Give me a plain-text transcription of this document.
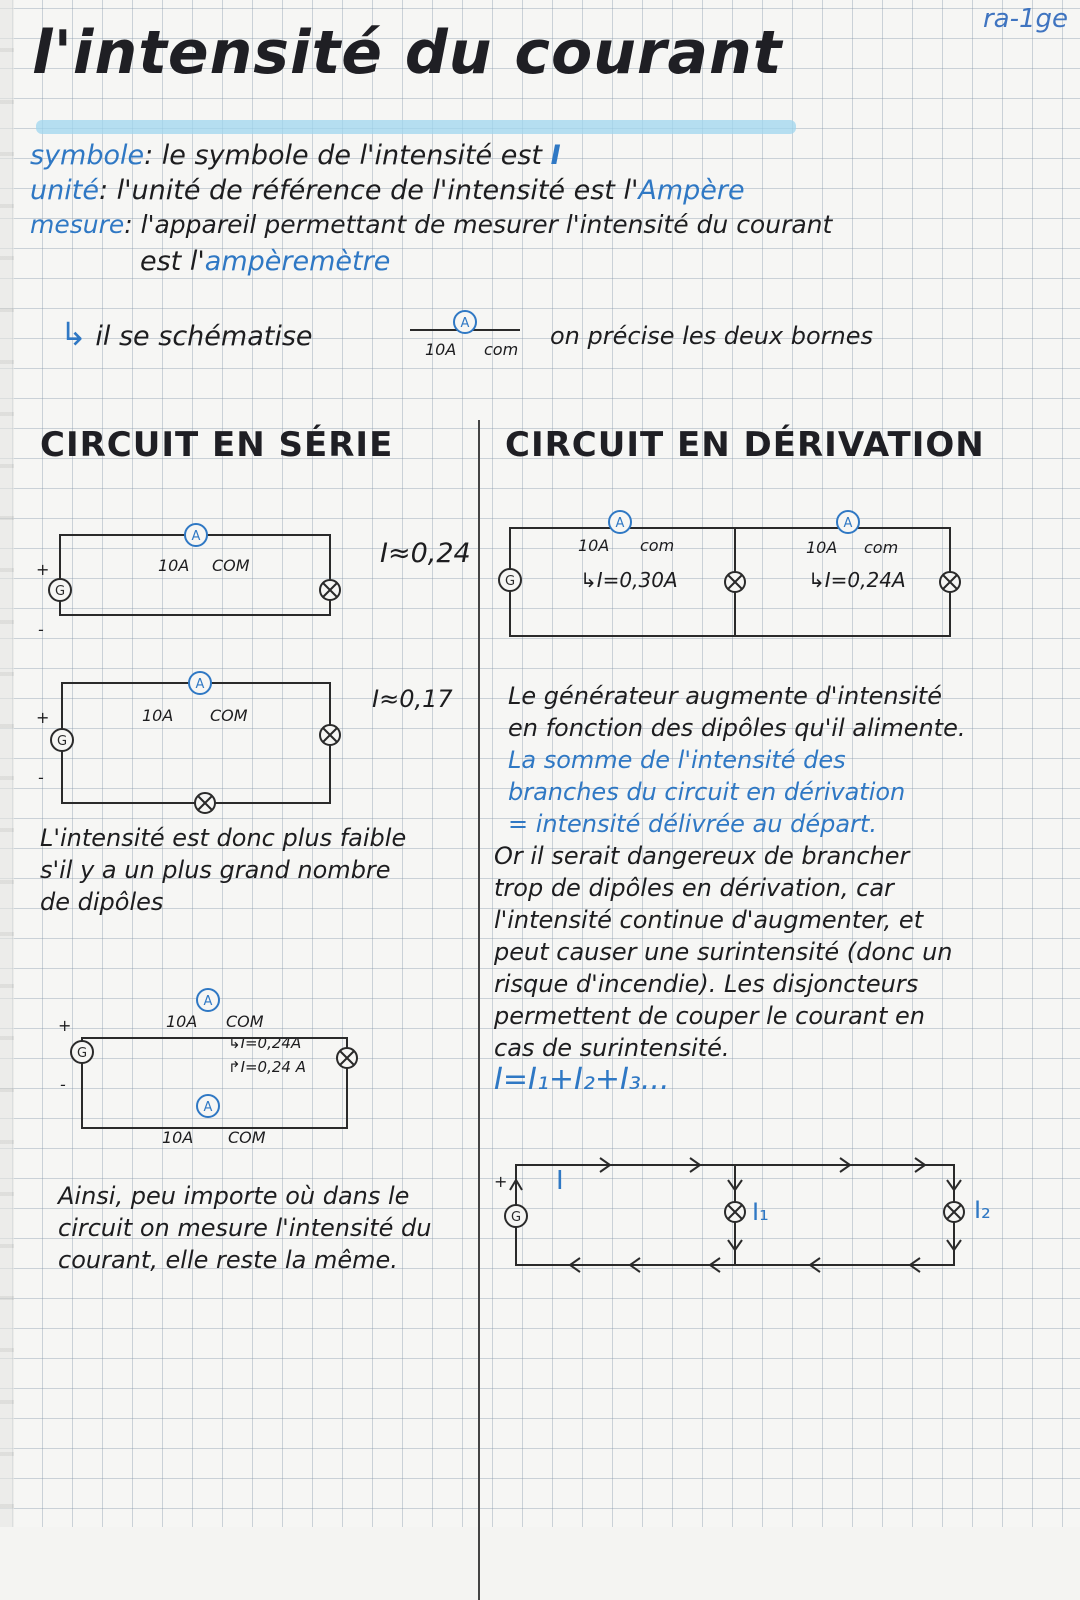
ra-1ge
l'intensité du courant
symbole: le symbole de l'intensité est I
unité: l'unité de référence de l'intensité est l'Ampère
mesure: l'appareil permettant de mesurer l'intensité du courant
est l'ampèremètre
↳ il se schématise	10A com on précise les deux bornes
CIRCUIT EN SÉRIE	CIRCUIT EN DÉRIVATION
+
-
10A COM	I≈0,24
+
-
10A COM
I≈0,17
L'intensité est donc plus faible
s'il y a un plus grand nombre
de dipôles
+
-
10A COM
↳I=0,24A
↱I=0,24 A
10A COM
Ainsi, peu importe où dans le
circuit on mesure l'intensité du
courant, elle reste la même.
10A com
↳I=0,30A
10A com
↳I=0,24A
Le générateur augmente d'intensité
en fonction des dipôles qu'il alimente.
La somme de l'intensité des
branches du circuit en dérivation
= intensité délivrée au départ.
Or il serait dangereux de brancher
trop de dipôles en dérivation, car
l'intensité continue d'augmenter, et
peut causer une surintensité (donc un
risque d'incendie). Les disjoncteurs
permettent de couper le courant en
cas de surintensité.
I=I₁+I₂+I₃...
+ I
I₁	I₂
A
A
A
A
A
A	A
G
G
G
G
G
